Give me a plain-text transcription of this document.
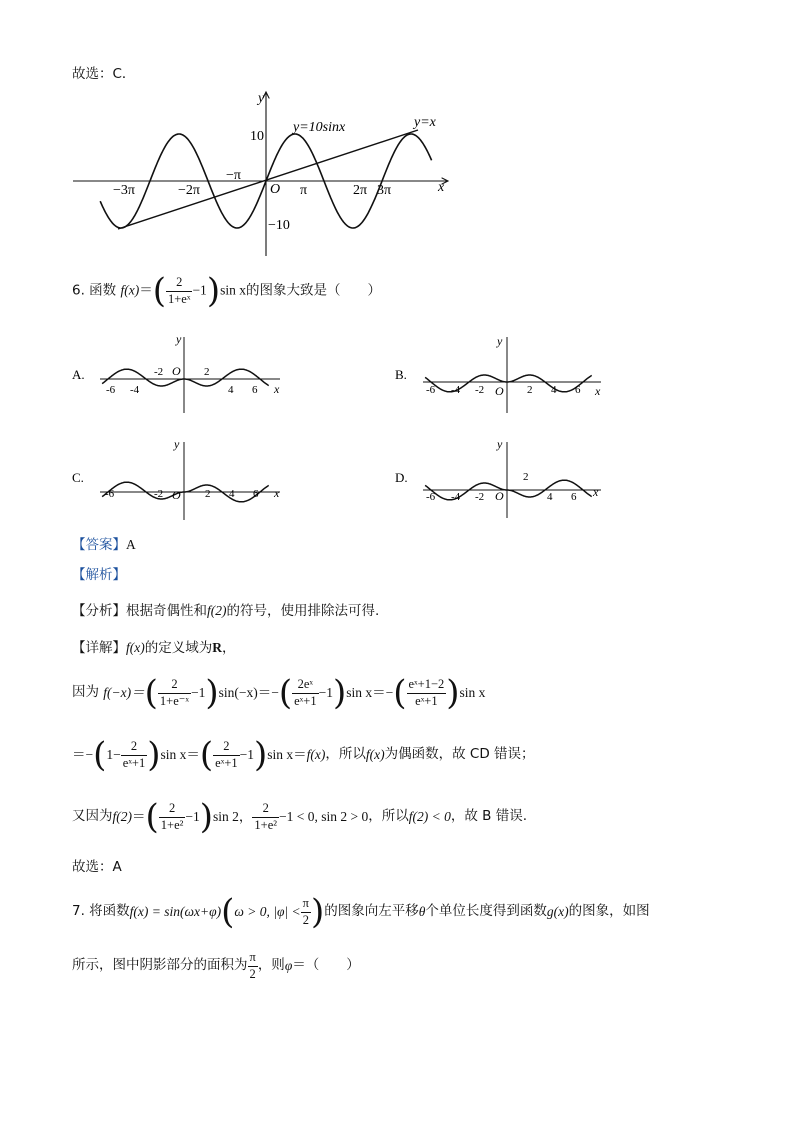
故选：C．
y
x
y=10sinx	y=x
10
−10
O
−3π	−2π
−π
π	2π 3π
6. 函数 $f(x)=( \frac{2}{\text{1+eˣ}} -1)\sin$ x的图象大致是（　　）
A.
y
x
O
-6 -4
-2	2
4 6
B.
y
x
O
-6 -4 -2	2 4 6
C.
y
x
O
-6	-2	2 4 6
D.
y
x
O
-6 -4 -2
2
4 6
【答案】A
【解析】
【分析】根据奇偶性和f(2)的符号，使用排除法可得.
【详解】f(x)的定义域为R，
因为 $f(-x)=( \frac{2}{\text{1+e⁻ˣ}} -1)\sin(-x)=-( \frac{\text{2eˣ}}{\text{eˣ+1}} -1)\sin$ $x=-( \frac{\text{eˣ+1−2}}{\text{eˣ+1}} )\sin$ x
$=-(1- \frac{2}{\text{eˣ+1}} )\sin$ $x=( \frac{2}{\text{eˣ+1}} -1)\sin$ x＝f(x)，所以f(x)为偶函数，故 CD 错误；
又因为$f(2)=( \frac{2}{\text{1+e²}} -1)\sin$ 2， $\frac{2}{\text{1+e²}} -1 < 0$, sin 2 > 0，所以f(2) < 0，故 B 错误.
故选：A
7. 将函数f(x) = sin(ωx+φ)(ω > 0, $|\varphi| < \frac{\pi}{2}$ )的图象向左平移θ个单位长度得到函数g(x)的图象，如图
所示，图中阴影部分的面积为 $\frac{\pi}{2}$ ，则φ＝（　　）
